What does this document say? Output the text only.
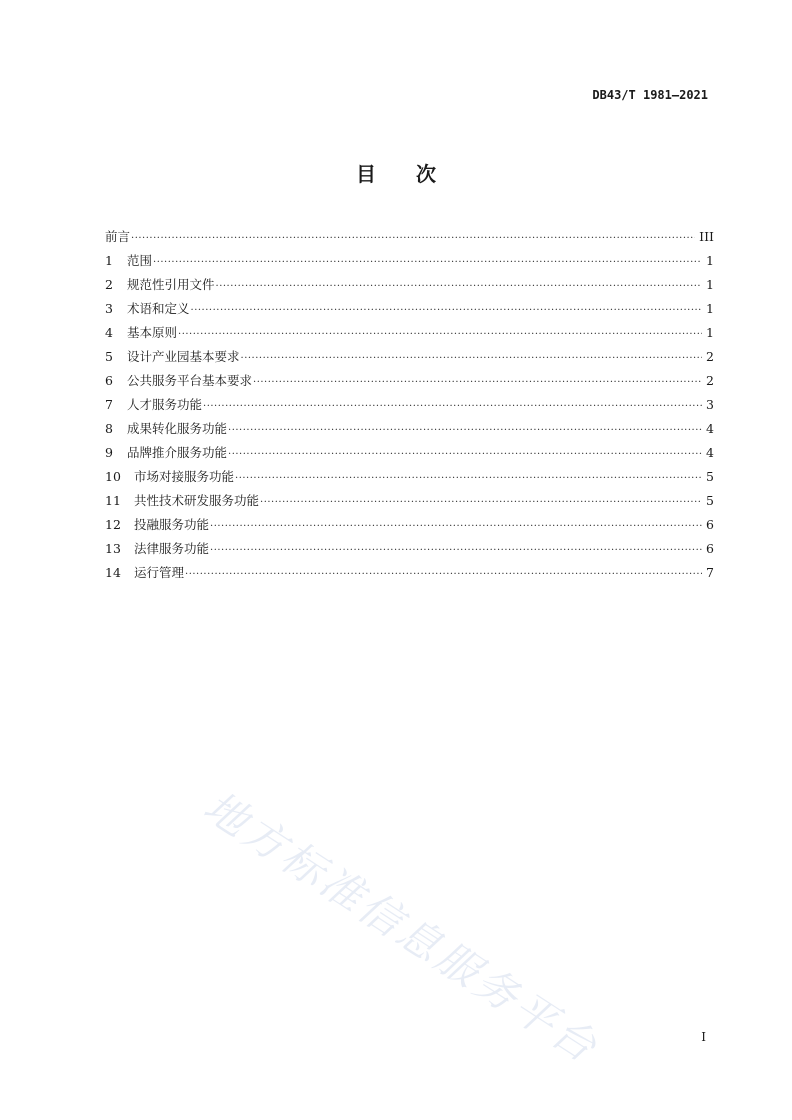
DB43/T 1981—2021
目 次
前言 ·····	III
1 范围 ·····	1
2 规范性引用文件 ·····	1
3 术语和定义 ·····	1
4 基本原则 ·····	1
5 设计产业园基本要求 ·····	2
6 公共服务平台基本要求 ·····	2
7 人才服务功能 ·····	3
8 成果转化服务功能 ·····	4
9 品牌推介服务功能 ·····	4
10 市场对接服务功能 ·····	5
11 共性技术研发服务功能 ·····	5
12 投融服务功能 ·····	6
13 法律服务功能 ·····	6
14 运行管理 ·····	7
地方标准信息服务平台	I
